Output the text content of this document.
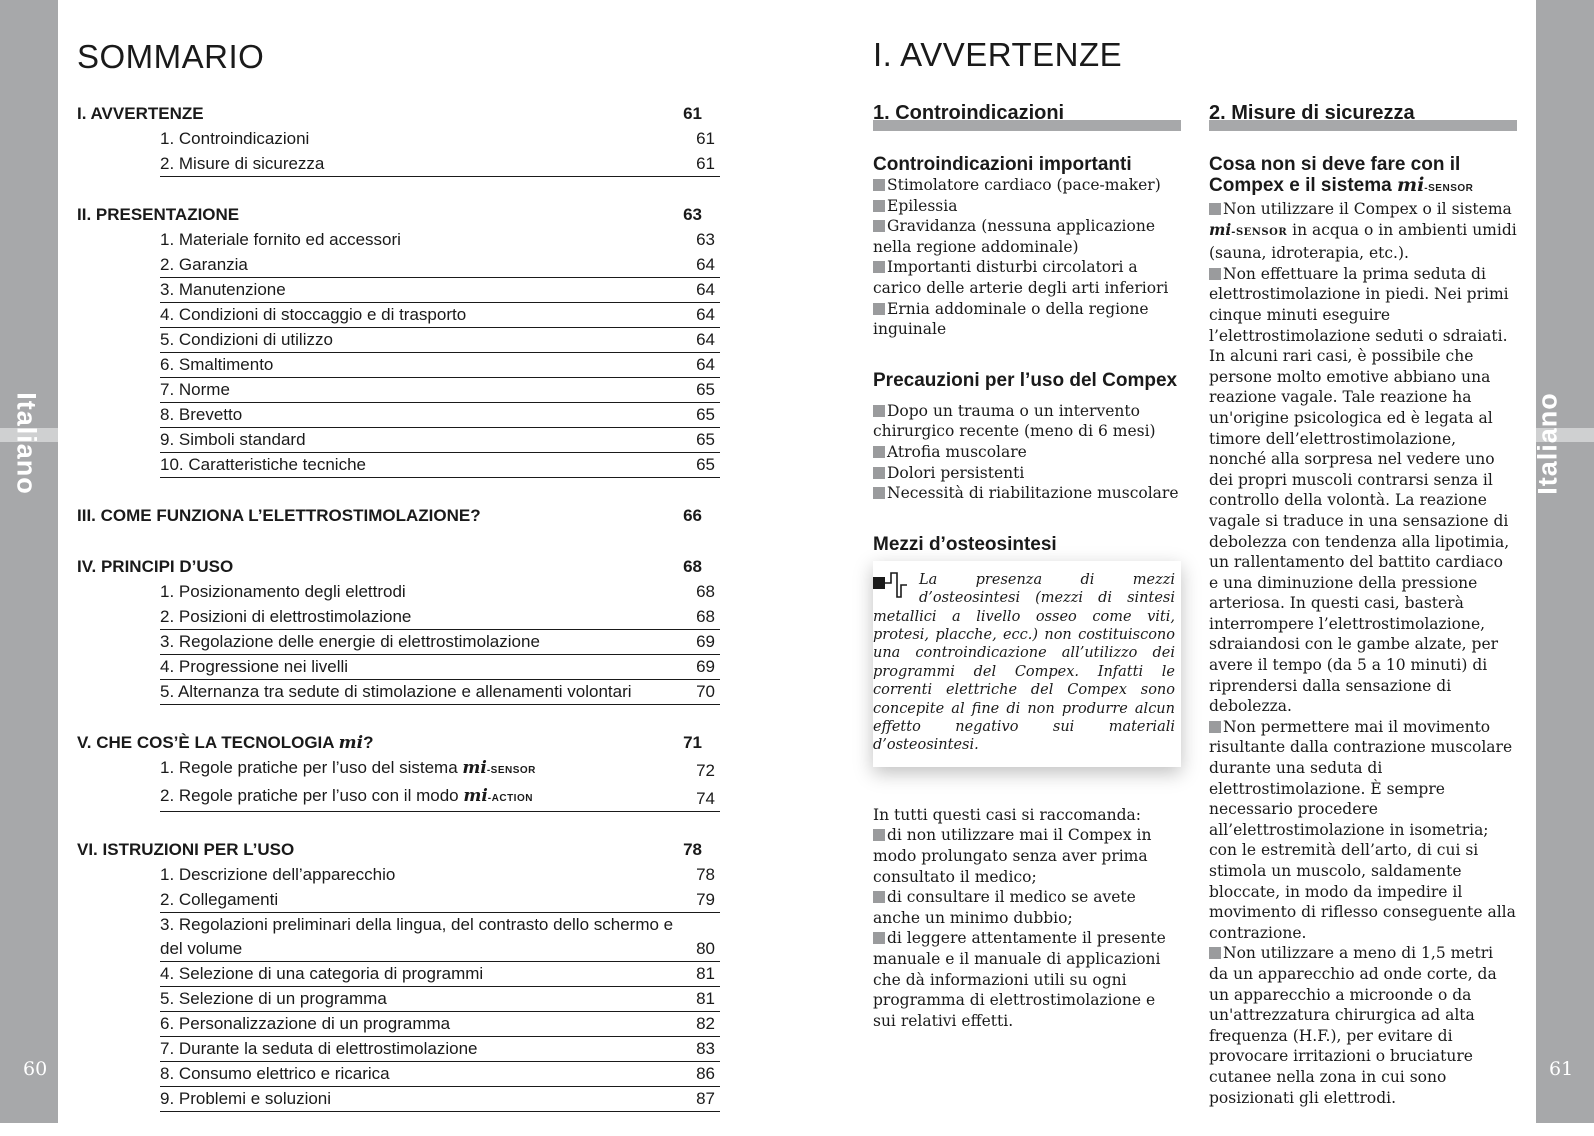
Italiano
60
Italiano
61
SOMMARIO
I. AVVERTENZE	61
1. Controindicazioni	61
2. Misure di sicurezza	61
II. PRESENTAZIONE	63
1. Materiale fornito ed accessori	63
2. Garanzia	64
3. Manutenzione	64
4. Condizioni di stoccaggio e di trasporto	64
5. Condizioni di utilizzo	64
6. Smaltimento	64
7. Norme	65
8. Brevetto	65
9. Simboli standard	65
10. Caratteristiche tecniche	65
III. COME FUNZIONA L’ELETTROSTIMOLAZIONE?	66
IV. PRINCIPI D’USO	68
1. Posizionamento degli elettrodi	68
2. Posizioni di elettrostimolazione	68
3. Regolazione delle energie di elettrostimolazione	69
4. Progressione nei livelli	69
5. Alternanza tra sedute di stimolazione e allenamenti volontari	70
V. CHE COS’È LA TECNOLOGIA mi?	71
1. Regole pratiche per l’uso del sistema mi-SENSOR	72
2. Regole pratiche per l’uso con il modo mi-ACTION	74
VI. ISTRUZIONI PER L’USO	78
1. Descrizione dell’apparecchio	78
2. Collegamenti	79
3. Regolazioni preliminari della lingua, del contrasto dello schermo e del volume	80
4. Selezione di una categoria di programmi	81
5. Selezione di un programma	81
6. Personalizzazione di un programma	82
7. Durante la seduta di elettrostimolazione	83
8. Consumo elettrico e ricarica	86
9. Problemi e soluzioni	87
I. AVVERTENZE
1. Controindicazioni

Controindicazioni importanti

Stimolatore cardiaco (pace-maker)

Epilessia

Gravidanza (nessuna applicazione nella regione addominale)

Importanti disturbi circolatori a carico delle arterie degli arti inferiori

Ernia addominale o della regione inguinale

Precauzioni per l’uso del Compex

Dopo un trauma o un intervento chirurgico recente (meno di 6 mesi)

Atrofia muscolare

Dolori persistenti

Necessità di riabilitazione muscolare

Mezzi d’osteosintesi

La presenza di mezzi d’osteosintesi (mezzi di sintesi metallici a livello osseo come viti, protesi, placche, ecc.) non costituiscono una controindicazione all’utilizzo dei programmi del Compex. Infatti le correnti elettriche del Compex sono concepite al fine di non produrre alcun effetto negativo sui materiali d’osteosintesi.

In tutti questi casi si raccomanda:

di non utilizzare mai il Compex in modo prolungato senza aver prima consultato il medico;

di consultare il medico se avete anche un minimo dubbio;

di leggere attentamente il presente manuale e il manuale di applicazioni che dà informazioni utili su ogni programma di elettrostimolazione e sui relativi effetti.

2. Misure di sicurezza

Cosa non si deve fare con il Compex e il sistema mi-SENSOR

Non utilizzare il Compex o il sistema mi-SENSOR in acqua o in ambienti umidi (sauna, idroterapia, etc.).

Non effettuare la prima seduta di elettrostimolazione in piedi. Nei primi cinque minuti eseguire l’elettrostimolazione seduti o sdraiati. In alcuni rari casi, è possibile che persone molto emotive abbiano una reazione vagale. Tale reazione ha un'origine psicologica ed è legata al timore dell’elettrostimolazione, nonché alla sorpresa nel vedere uno dei propri muscoli contrarsi senza il controllo della volontà. La reazione vagale si traduce in una sensazione di debolezza con tendenza alla lipotimia, un rallentamento del battito cardiaco e una diminuzione della pressione arteriosa. In questi casi, basterà interrompere l’elettrostimolazione, sdraiandosi con le gambe alzate, per avere il tempo (da 5 a 10 minuti) di riprendersi dalla sensazione di debolezza.

Non permettere mai il movimento risultante dalla contrazione muscolare durante una seduta di elettrostimolazione. È sempre necessario procedere all’elettrostimolazione in isometria; con le estremità dell’arto, di cui si stimola un muscolo, saldamente bloccate, in modo da impedire il movimento di riflesso conseguente alla contrazione.

Non utilizzare a meno di 1,5 metri da un apparecchio ad onde corte, da un apparecchio a microonde o da un'attrezzatura chirurgica ad alta frequenza (H.F.), per evitare di provocare irritazioni o bruciature cutanee nella zona in cui sono posizionati gli elettrodi.
